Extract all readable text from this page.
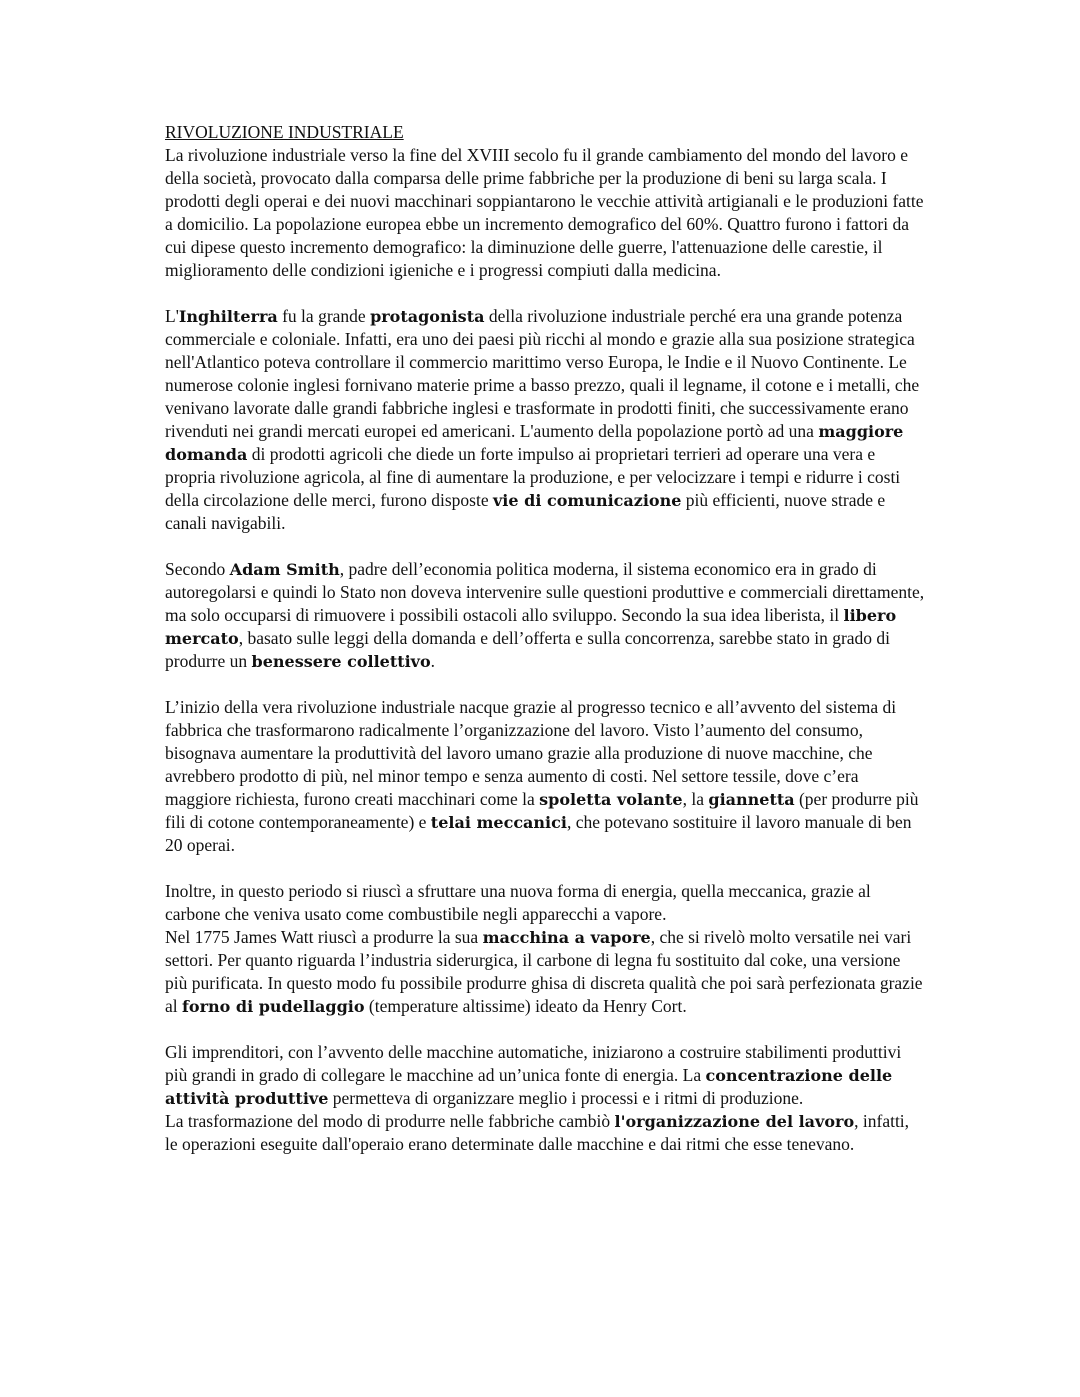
RIVOLUZIONE INDUSTRIALE

La rivoluzione industriale verso la fine del XVIII secolo fu il grande cambiamento del mondo del lavoro e della società, provocato dalla comparsa delle prime fabbriche per la produzione di beni su larga scala. I prodotti degli operai e dei nuovi macchinari soppiantarono le vecchie attività artigianali e le produzioni fatte a domicilio. La popolazione europea ebbe un incremento demografico del 60%. Quattro furono i fattori da cui dipese questo incremento demografico: la diminuzione delle guerre, l'attenuazione delle carestie, il miglioramento delle condizioni igieniche e i progressi compiuti dalla medicina.

L'Inghilterra fu la grande protagonista della rivoluzione industriale perché era una grande potenza commerciale e coloniale. Infatti, era uno dei paesi più ricchi al mondo e grazie alla sua posizione strategica nell'Atlantico poteva controllare il commercio marittimo verso Europa, le Indie e il Nuovo Continente. Le numerose colonie inglesi fornivano materie prime a basso prezzo, quali il legname, il cotone e i metalli, che venivano lavorate dalle grandi fabbriche inglesi e trasformate in prodotti finiti, che successivamente erano rivenduti nei grandi mercati europei ed americani. L'aumento della popolazione portò ad una maggiore domanda di prodotti agricoli che diede un forte impulso ai proprietari terrieri ad operare una vera e propria rivoluzione agricola, al fine di aumentare la produzione, e per velocizzare i tempi e ridurre i costi della circolazione delle merci, furono disposte vie di comunicazione più efficienti, nuove strade e canali navigabili.

Secondo Adam Smith, padre dell’economia politica moderna, il sistema economico era in grado di autoregolarsi e quindi lo Stato non doveva intervenire sulle questioni produttive e commerciali direttamente, ma solo occuparsi di rimuovere i possibili ostacoli allo sviluppo. Secondo la sua idea liberista, il libero mercato, basato sulle leggi della domanda e dell’offerta e sulla concorrenza, sarebbe stato in grado di produrre un benessere collettivo.

L’inizio della vera rivoluzione industriale nacque grazie al progresso tecnico e all’avvento del sistema di fabbrica che trasformarono radicalmente l’organizzazione del lavoro. Visto l’aumento del consumo, bisognava aumentare la produttività del lavoro umano grazie alla produzione di nuove macchine, che avrebbero prodotto di più, nel minor tempo e senza aumento di costi. Nel settore tessile, dove c’era maggiore richiesta, furono creati macchinari come la spoletta volante, la giannetta (per produrre più fili di cotone contemporaneamente) e telai meccanici, che potevano sostituire il lavoro manuale di ben 20 operai.

Inoltre, in questo periodo si riuscì a sfruttare una nuova forma di energia, quella meccanica, grazie al carbone che veniva usato come combustibile negli apparecchi a vapore.

Nel 1775 James Watt riuscì a produrre la sua macchina a vapore, che si rivelò molto versatile nei vari settori. Per quanto riguarda l’industria siderurgica, il carbone di legna fu sostituito dal coke, una versione più purificata. In questo modo fu possibile produrre ghisa di discreta qualità che poi sarà perfezionata grazie al forno di pudellaggio (temperature altissime) ideato da Henry Cort.

Gli imprenditori, con l’avvento delle macchine automatiche, iniziarono a costruire stabilimenti produttivi più grandi in grado di collegare le macchine ad un’unica fonte di energia. La concentrazione delle attività produttive permetteva di organizzare meglio i processi e i ritmi di produzione.

La trasformazione del modo di produrre nelle fabbriche cambiò l'organizzazione del lavoro, infatti, le operazioni eseguite dall'operaio erano determinate dalle macchine e dai ritmi che esse tenevano.
